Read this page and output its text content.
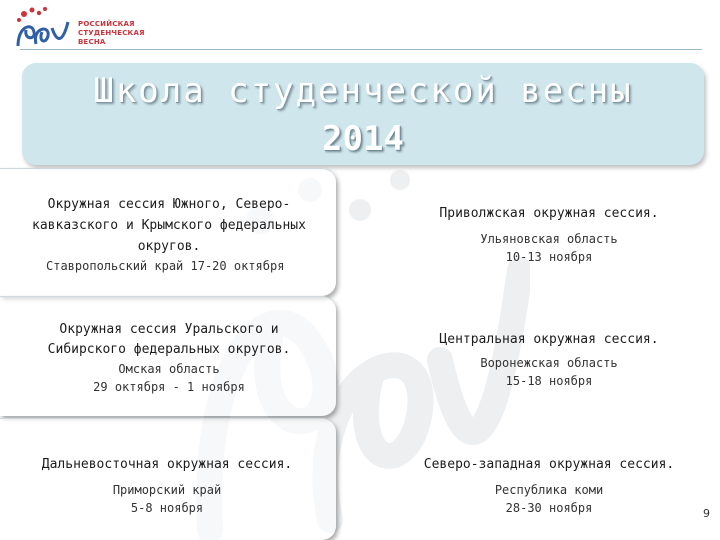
РОССИЙСКАЯ
СТУДЕНЧЕСКАЯ
ВЕСНА
Школа студенческой весны
2014
Окружная сессия Южного, Северо-
кавказского и Крымского федеральных
округов.
Ставропольский край 17-20 октября
Приволжская окружная сессия.
Ульяновская область
10-13 ноября
Окружная сессия Уральского и
Сибирского федеральных округов.
Омская область
29 октября - 1 ноября
Центральная окружная сессия.
Воронежская область
15-18 ноября
Дальневосточная окружная сессия.
Приморский край
5-8 ноября
Северо-западная окружная сессия.
Республика коми
28-30 ноября	9
